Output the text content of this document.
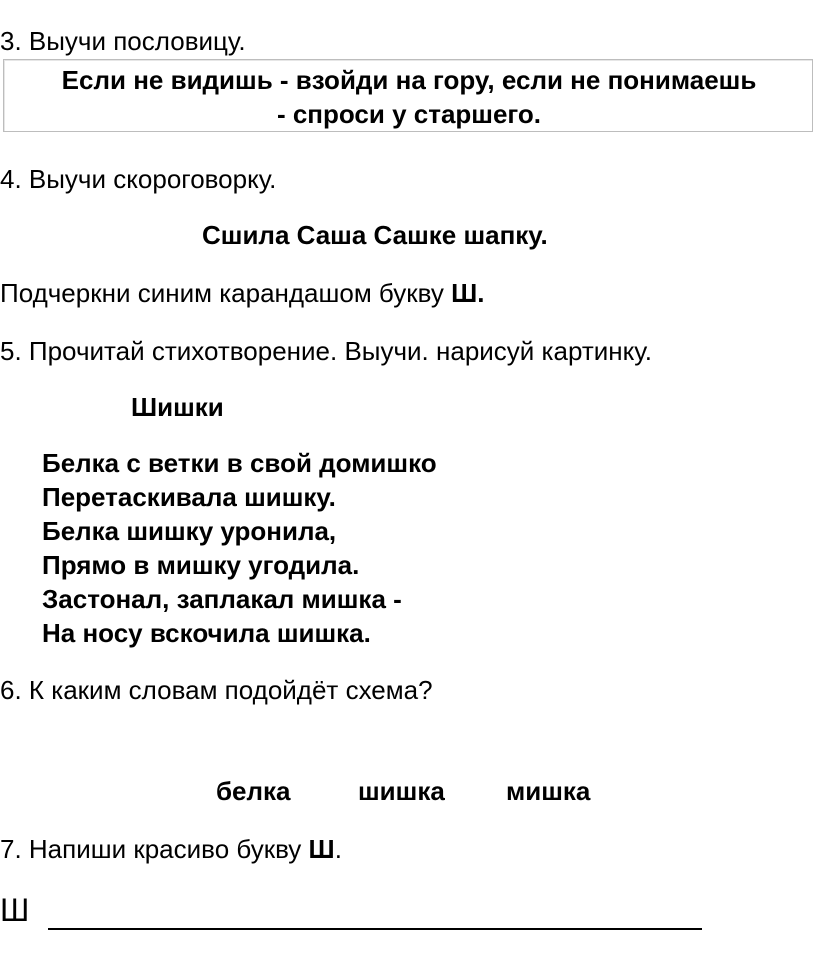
3. Выучи пословицу.
Если не видишь - взойди на гору, если не понимаешь
- спроси у старшего.
4. Выучи скороговорку.
Сшила Саша Сашке шапку.
Подчеркни синим карандашом букву Ш.
5. Прочитай стихотворение. Выучи. нарисуй картинку.
Шишки
Белка с ветки в свой домишко
Перетаскивала шишку.
Белка шишку уронила,
Прямо в мишку угодила.
Застонал, заплакал мишка -
На носу вскочила шишка.
6. К каким словам подойдёт схема?
белка	шишка мишка
7. Напиши красиво букву Ш.
Ш
